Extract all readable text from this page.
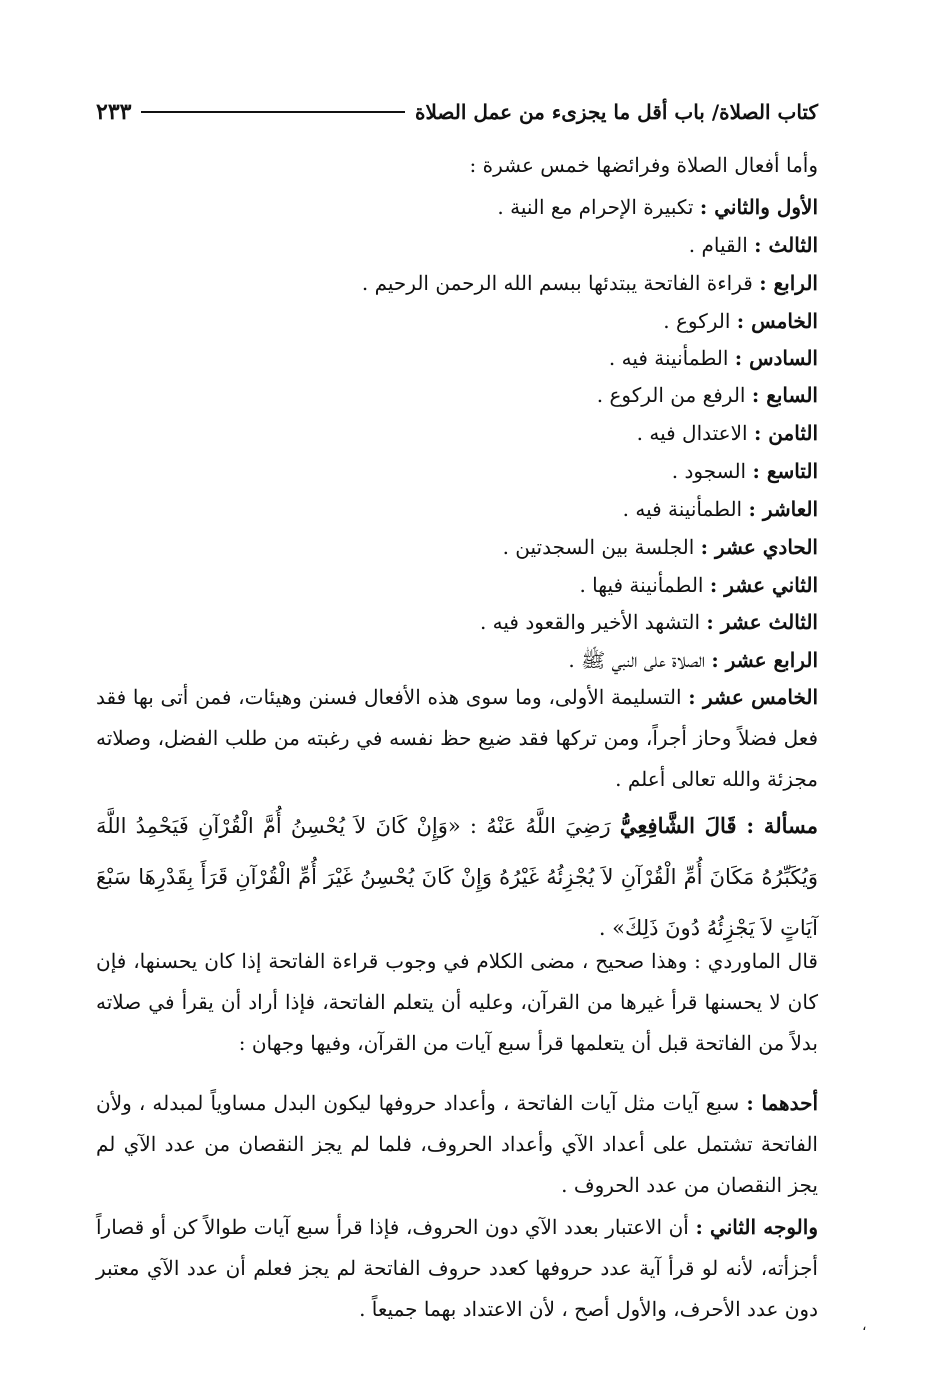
كتاب الصلاة/ باب أقل ما يجزىء من عمل الصلاة
٢٣٣
وأما أفعال الصلاة وفرائضها خمس عشرة :
الأول والثاني : تكبيرة الإحرام مع النية .
الثالث : القيام .
الرابع : قراءة الفاتحة يبتدئها ببسم الله الرحمن الرحيم .
الخامس : الركوع .
السادس : الطمأنينة فيه .
السابع : الرفع من الركوع .
الثامن : الاعتدال فيه .
التاسع : السجود .
العاشر : الطمأنينة فيه .
الحادي عشر : الجلسة بين السجدتين .
الثاني عشر : الطمأنينة فيها .
الثالث عشر : التشهد الأخير والقعود فيه .
الرابع عشر : الصلاة على النبي ﷺ .
الخامس عشر : التسليمة الأولى، وما سوى هذه الأفعال فسنن وهيئات، فمن أتى بها فقد فعل فضلاً وحاز أجراً، ومن تركها فقد ضيع حظ نفسه في رغبته من طلب الفضل، وصلاته مجزئة والله تعالى أعلم .
مسألة : قَالَ الشَّافِعِيُّ رَضِيَ اللَّهُ عَنْهُ : «وَإِنْ كَانَ لاَ يُحْسِنُ أُمَّ الْقُرْآنِ فَيَحْمِدُ اللَّهَ وَيُكَبِّرُهُ مَكَانَ أُمِّ الْقُرْآنِ لاَ يُجْزِئُهُ غَيْرُهُ وَإِنْ كَانَ يُحْسِنُ غَيْرَ أُمِّ الْقُرْآنِ قَرَأَ بِقَدْرِهَا سَبْعَ آيَاتٍ لاَ يَجْزِئُهُ دُونَ ذَلِكَ» .
قال الماوردي : وهذا صحيح ، مضى الكلام في وجوب قراءة الفاتحة إذا كان يحسنها، فإن كان لا يحسنها قرأ غيرها من القرآن، وعليه أن يتعلم الفاتحة، فإذا أراد أن يقرأ في صلاته بدلاً من الفاتحة قبل أن يتعلمها قرأ سبع آيات من القرآن، وفيها وجهان :
أحدهما : سبع آيات مثل آيات الفاتحة ، وأعداد حروفها ليكون البدل مساوياً لمبدله ، ولأن الفاتحة تشتمل على أعداد الآي وأعداد الحروف، فلما لم يجز النقصان من عدد الآي لم يجز النقصان من عدد الحروف .
والوجه الثاني : أن الاعتبار بعدد الآي دون الحروف، فإذا قرأ سبع آيات طوالاً كن أو قصاراً أجزأته، لأنه لو قرأ آية عدد حروفها كعدد حروف الفاتحة لم يجز فعلم أن عدد الآي معتبر دون عدد الأحرف، والأول أصح ، لأن الاعتداد بهما جميعاً .
،
